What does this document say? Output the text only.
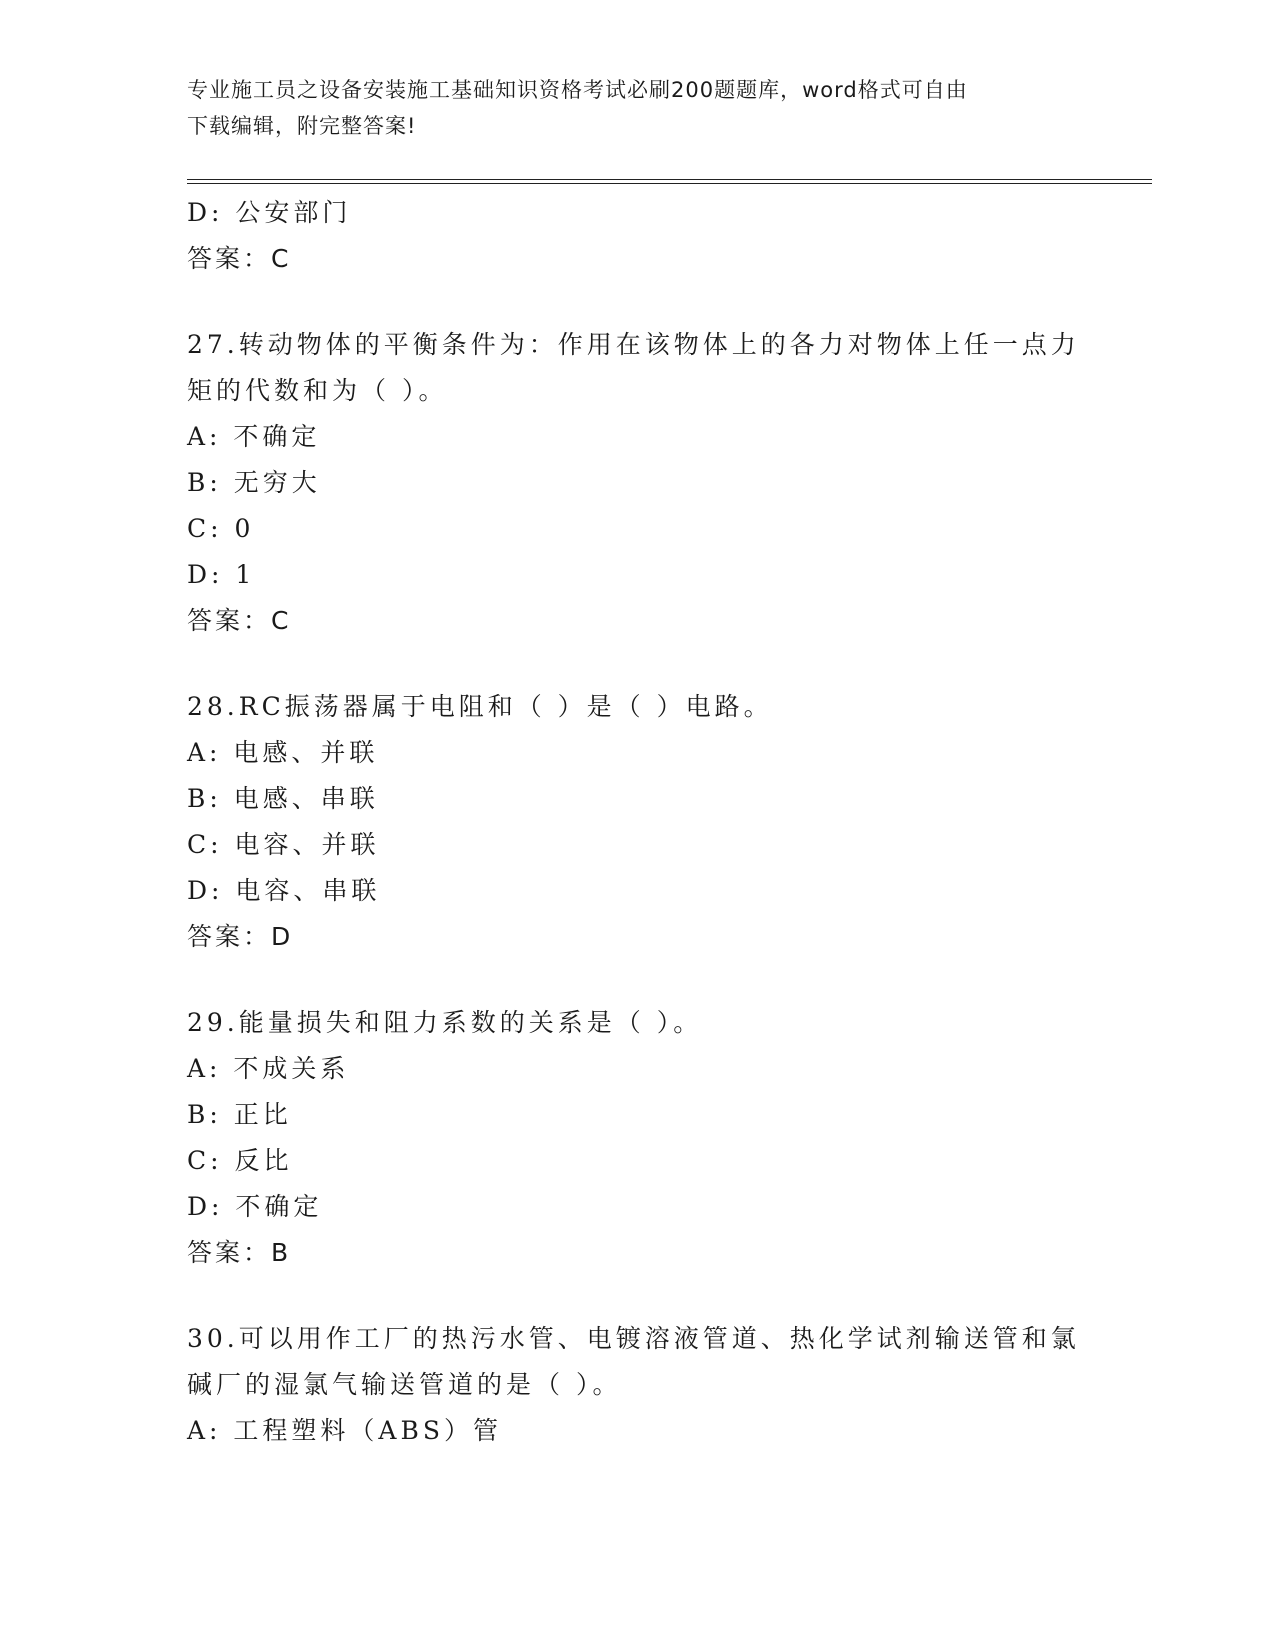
专业施工员之设备安装施工基础知识资格考试必刷200题题库，word格式可自由
下载编辑，附完整答案!
D: 公安部门
答案：C
27.转动物体的平衡条件为：作用在该物体上的各力对物体上任一点力
矩的代数和为（ ）。
A: 不确定
B: 无穷大
C: 0
D: 1
答案：C
28.RC振荡器属于电阻和（ ）是（ ）电路。
A: 电感、并联
B: 电感、串联
C: 电容、并联
D: 电容、串联
答案：D
29.能量损失和阻力系数的关系是（ ）。
A: 不成关系
B: 正比
C: 反比
D: 不确定
答案：B
30.可以用作工厂的热污水管、电镀溶液管道、热化学试剂输送管和氯
碱厂的湿氯气输送管道的是（ ）。
A: 工程塑料（ABS）管
